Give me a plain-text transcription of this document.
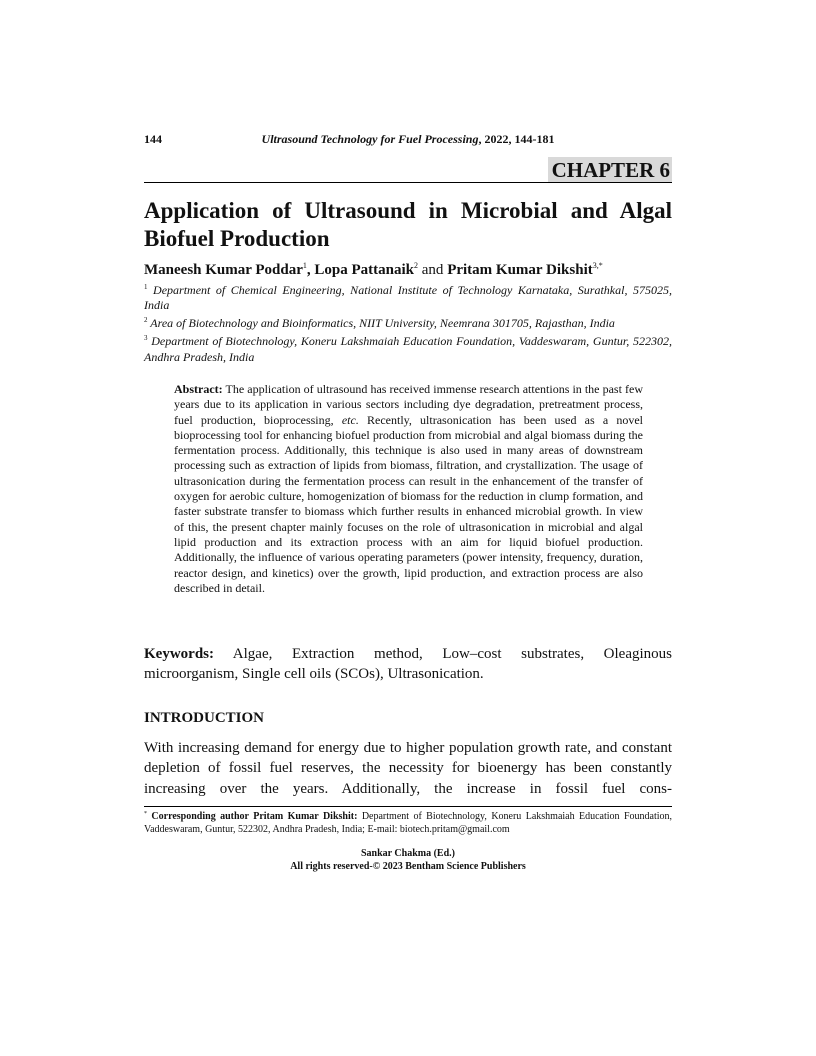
144	Ultrasound Technology for Fuel Processing, 2022, 144-181
CHAPTER 6
Application of Ultrasound in Microbial and Algal Biofuel Production
Maneesh Kumar Poddar$^1$, Lopa Pattanaik$^2$ and Pritam Kumar Dikshit$^{3,*}$

$^1$ Department of Chemical Engineering, National Institute of Technology Karnataka, Surathkal, 575025, India

$^2$ Area of Biotechnology and Bioinformatics, NIIT University, Neemrana 301705, Rajasthan, India

$^3$ Department of Biotechnology, Koneru Lakshmaiah Education Foundation, Vaddeswaram, Guntur, 522302, Andhra Pradesh, India

Abstract: The application of ultrasound has received immense research attentions in the past few years due to its application in various sectors including dye degradation, pretreatment process, fuel production, bioprocessing, etc. Recently, ultrasonication has been used as a novel bioprocessing tool for enhancing biofuel production from microbial and algal biomass during the fermentation process. Additionally, this technique is also used in many areas of downstream processing such as extraction of lipids from biomass, filtration, and crystallization. The usage of ultrasonication during the fermentation process can result in the enhancement of the transfer of oxygen for aerobic culture, homogenization of biomass for the reduction in clump formation, and faster substrate transfer to biomass which further results in enhanced microbial growth. In view of this, the present chapter mainly focuses on the role of ultrasonication in microbial and algal lipid production and its extraction process with an aim for liquid biofuel production. Additionally, the influence of various operating parameters (power intensity, frequency, duration, reactor design, and kinetics) over the growth, lipid production, and extraction process are also described in detail.

Keywords: Algae, Extraction method, Low–cost substrates, Oleaginous microorganism, Single cell oils (SCOs), Ultrasonication.

INTRODUCTION

With increasing demand for energy due to higher population growth rate, and constant depletion of fossil fuel reserves, the necessity for bioenergy has been constantly increasing over the years. Additionally, the increase in fossil fuel cons-

* Corresponding author Pritam Kumar Dikshit: Department of Biotechnology, Koneru Lakshmaiah Education Foundation, Vaddeswaram, Guntur, 522302, Andhra Pradesh, India; E-mail: biotech.pritam@gmail.com

Sankar Chakma (Ed.)
All rights reserved-© 2023 Bentham Science Publishers
